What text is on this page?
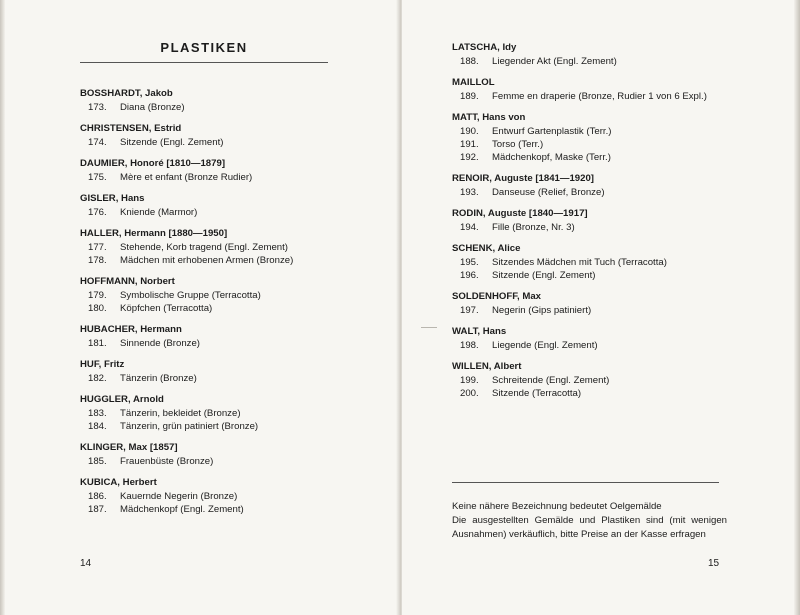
PLASTIKEN
BOSSHARDT, Jakob
173.	Diana (Bronze)
CHRISTENSEN, Estrid
174.	Sitzende (Engl. Zement)
DAUMIER, Honoré [1810—1879]
175.	Mère et enfant (Bronze Rudier)
GISLER, Hans
176.	Kniende (Marmor)
HALLER, Hermann [1880—1950]
177.	Stehende, Korb tragend (Engl. Zement)
178.	Mädchen mit erhobenen Armen (Bronze)
HOFFMANN, Norbert
179.	Symbolische Gruppe (Terracotta)
180.	Köpfchen (Terracotta)
HUBACHER, Hermann
181.	Sinnende (Bronze)
HUF, Fritz
182.	Tänzerin (Bronze)
HUGGLER, Arnold
183.	Tänzerin, bekleidet (Bronze)
184.	Tänzerin, grün patiniert (Bronze)
KLINGER, Max [1857]
185.	Frauenbüste (Bronze)
KUBICA, Herbert
186.	Kauernde Negerin (Bronze)
187.	Mädchenkopf (Engl. Zement)
14
LATSCHA, Idy
188.	Liegender Akt (Engl. Zement)
MAILLOL
189.	Femme en draperie (Bronze, Rudier 1 von 6 Expl.)
MATT, Hans von
190.	Entwurf Gartenplastik (Terr.)
191.	Torso (Terr.)
192.	Mädchenkopf, Maske (Terr.)
RENOIR, Auguste [1841—1920]
193.	Danseuse (Relief, Bronze)
RODIN, Auguste [1840—1917]
194.	Fille (Bronze, Nr. 3)
SCHENK, Alice
195.	Sitzendes Mädchen mit Tuch (Terracotta)
196.	Sitzende (Engl. Zement)
SOLDENHOFF, Max
197.	Negerin (Gips patiniert)
WALT, Hans
198.	Liegende (Engl. Zement)
WILLEN, Albert
199.	Schreitende (Engl. Zement)
200.	Sitzende (Terracotta)

Keine nähere Bezeichnung bedeutet Oelgemälde

Die ausgestellten Gemälde und Plastiken sind (mit wenigen

Ausnahmen) verkäuflich, bitte Preise an der Kasse erfragen

15
